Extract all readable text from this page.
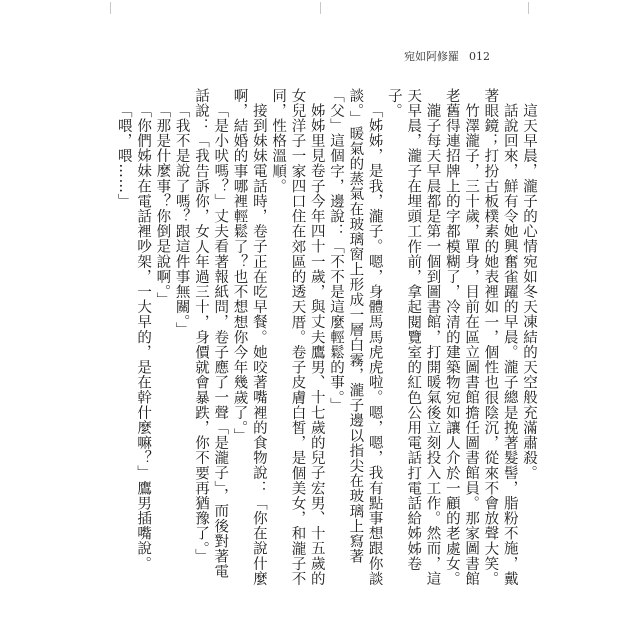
宛如阿修羅 012

這天早晨，瀧子的心情宛如冬天凍結的天空般充滿肅殺。

話說回來，鮮有令她興奮雀躍的早晨。瀧子總是挽著髮髻，脂粉不施，戴著眼鏡；打扮古板樸素的她表裡如一，個性也很陰沉，從來不會放聲大笑。

竹澤瀧子，三十歲，單身，目前在區立圖書館擔任圖書館員。那家圖書館老舊得連招牌上的字都模糊了，冷清的建築物宛如讓人介於一顧的老處女。

瀧子每天早晨都是第一個到圖書館，打開暖氣後立刻投入工作。然而，這天早晨，瀧子在埋頭工作前，拿起閱覽室的紅色公用電話打電話給姊姊卷子。

「姊姊，是我，瀧子。嗯，身體馬馬虎虎啦。嗯，嗯，我有點事想跟你談談。」暖氣的蒸氣在玻璃窗上形成一層白霧，瀧子邊以指尖在玻璃上寫著「父」這個字，邊說：「不不是這麼輕鬆的事。」

姊姊里見卷子今年四十一歲，與丈夫鷹男、十七歲的兒子宏男、十五歲的女兒洋子一家四口住在郊區的透天厝。卷子皮膚白皙，是個美女，和瀧子不同，性格溫順。

接到妹妹電話時，卷子正在吃早餐。她咬著嘴裡的食物說：「你在說什麼啊，結婚的事哪裡輕鬆了？也不想想你今年幾歲了。」

「是小吠嗎？」丈夫看著報紙問，卷子應了一聲「是瀧子」，而後對著電話說：「我告訴你，女人年過三十，身價就會暴跌，你不要再猶豫了。」

「我不是說了嗎？跟這件事無關。」

「那是什麼事？你倒是說啊。」

「你們姊妹在電話裡吵架，一大早的，是在幹什麼嘛？」鷹男插嘴說。

「喂，喂……」
